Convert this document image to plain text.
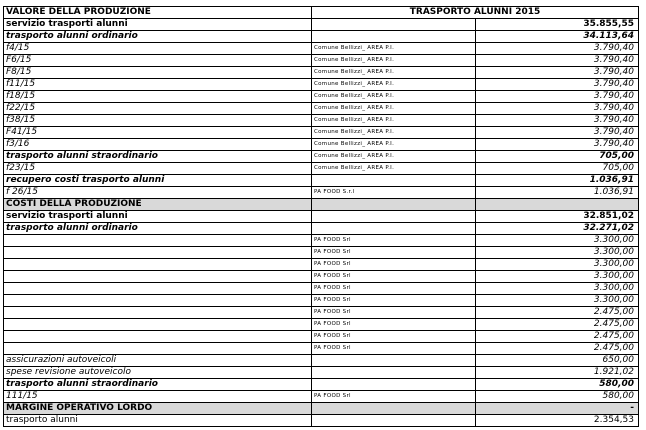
VALORE DELLA PRODUZIONE	TRASPORTO ALUNNI 2015	
servizio trasporti alunni		35.855,55
trasporto alunni ordinario		34.113,64
f4/15	Comune Bellizzi_ AREA P.I.	3.790,40
F6/15	Comune Bellizzi_ AREA P.I.	3.790,40
F8/15	Comune Bellizzi_ AREA P.I.	3.790,40
f11/15	Comune Bellizzi_ AREA P.I.	3.790,40
f18/15	Comune Bellizzi_ AREA P.I.	3.790,40
f22/15	Comune Bellizzi_ AREA P.I.	3.790,40
f38/15	Comune Bellizzi_ AREA P.I.	3.790,40
F41/15	Comune Bellizzi_ AREA P.I.	3.790,40
f3/16	Comune Bellizzi_ AREA P.I.	3.790,40
trasporto alunni straordinario	Comune Bellizzi_ AREA P.I.	705,00
f23/15	Comune Bellizzi_ AREA P.I.	705,00
recupero costi trasporto alunni		1.036,91
f 26/15	PA FOOD S.r.l	1.036,91
COSTI DELLA PRODUZIONE		
servizio trasporti alunni		32.851,02
trasporto alunni ordinario		32.271,02
	PA FOOD Srl	3.300,00
	PA FOOD Srl	3.300,00
	PA FOOD Srl	3.300,00
	PA FOOD Srl	3.300,00
	PA FOOD Srl	3.300,00
	PA FOOD Srl	3.300,00
	PA FOOD Srl	2.475,00
	PA FOOD Srl	2.475,00
	PA FOOD Srl	2.475,00
	PA FOOD Srl	2.475,00
assicurazioni autoveicoli		650,00
spese revisione autoveicolo		1.921,02
trasporto alunni straordinario		580,00
111/15	PA FOOD Srl	580,00
MARGINE OPERATIVO LORDO		-
trasporto alunni		2.354,53
